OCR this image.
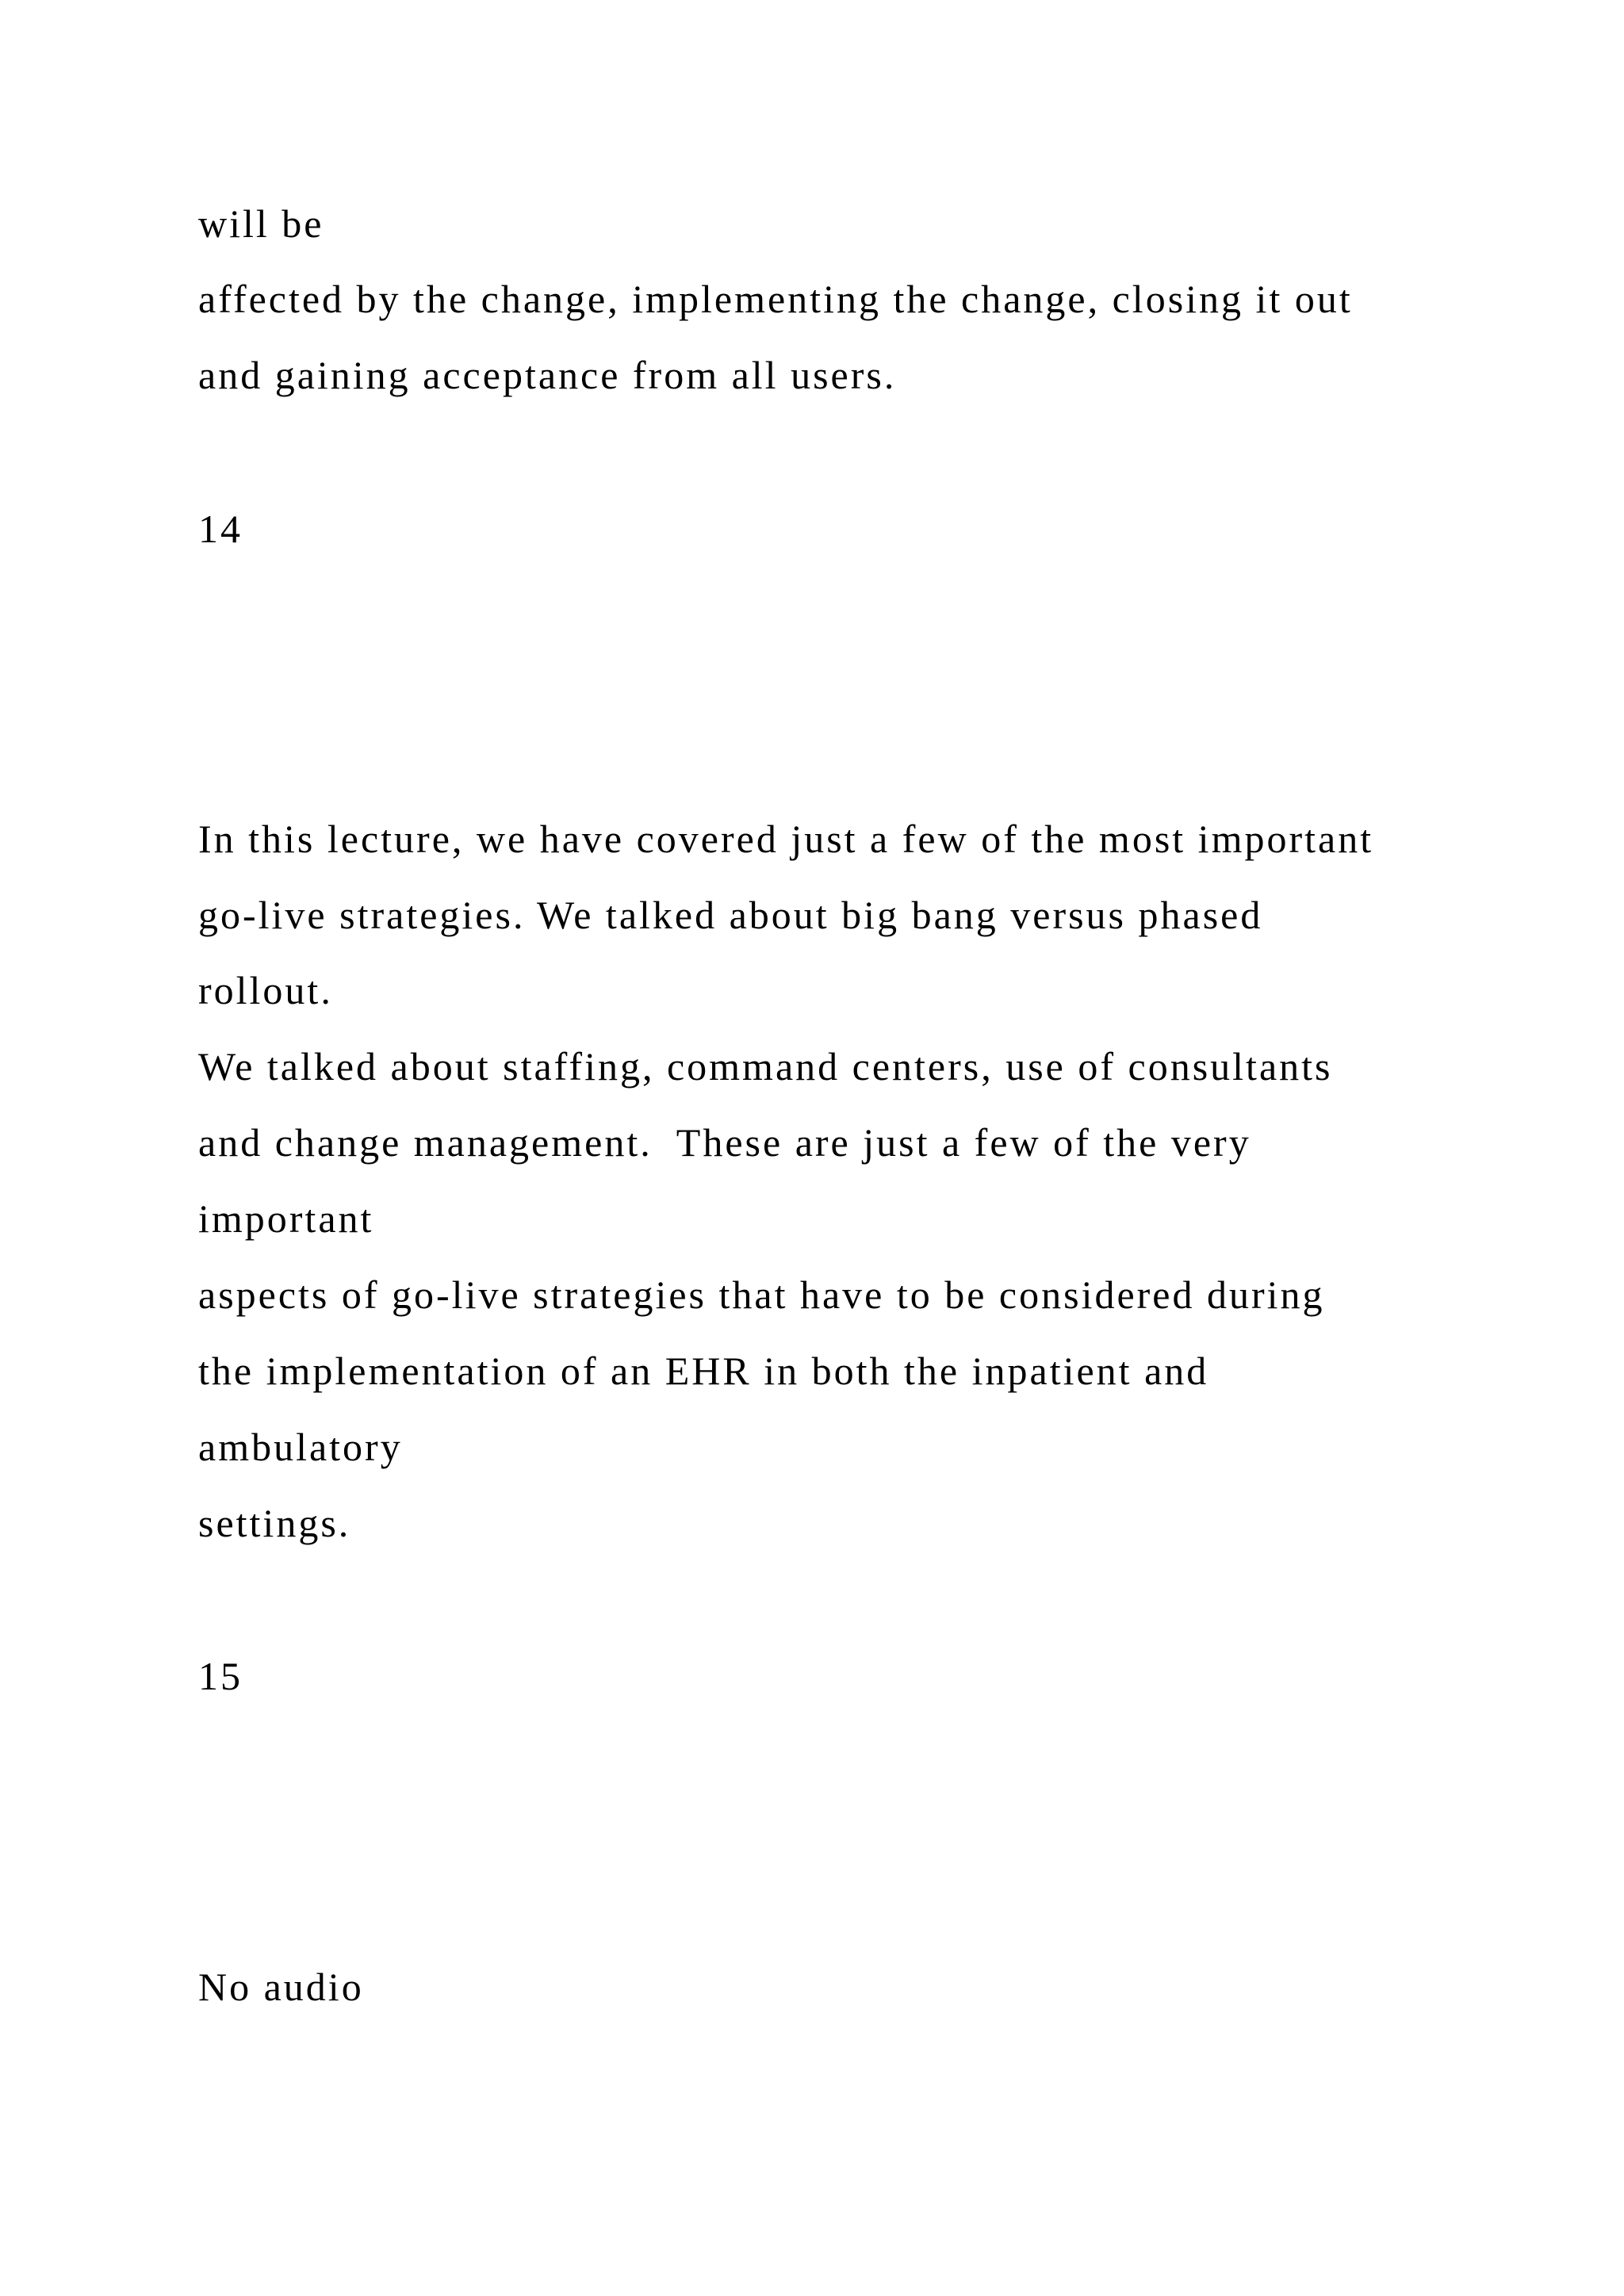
will be

affected by the change, implementing the change, closing it out

and gaining acceptance from all users.

14

In this lecture, we have covered just a few of the most important

go-live strategies. We talked about big bang versus phased

rollout.

We talked about staffing, command centers, use of consultants

and change management.  These are just a few of the very

important

aspects of go-live strategies that have to be considered during

the implementation of an EHR in both the inpatient and

ambulatory

settings.

15

No audio
